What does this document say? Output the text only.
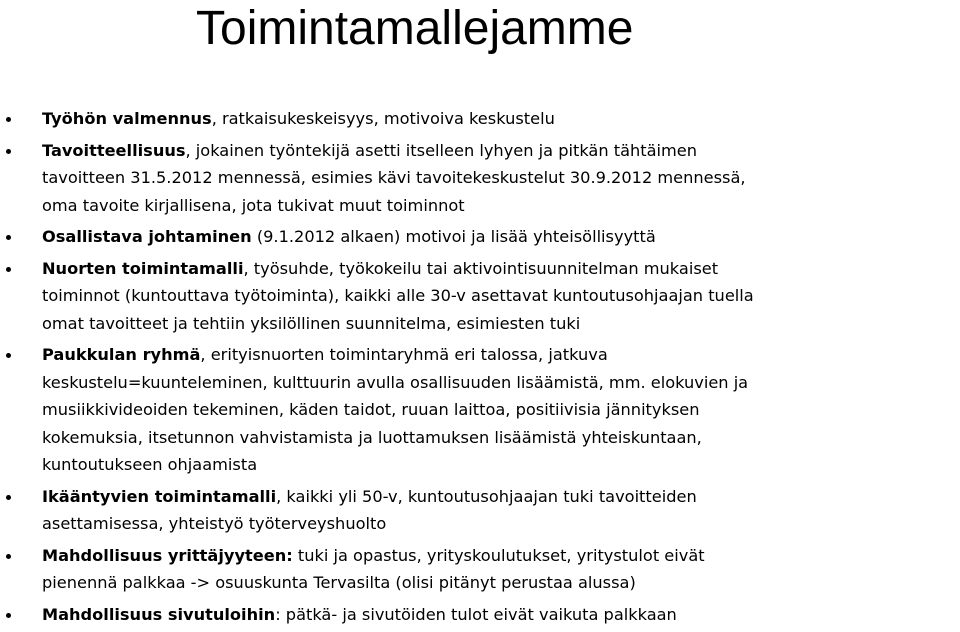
Toimintamallejamme
Työhön valmennus, ratkaisukeskeisyys, motivoiva keskustelu
Tavoitteellisuus, jokainen työntekijä asetti itselleen lyhyen ja pitkän tähtäimen
tavoitteen 31.5.2012 mennessä, esimies kävi tavoitekeskustelut 30.9.2012 mennessä,
oma tavoite kirjallisena, jota tukivat muut toiminnot
Osallistava johtaminen (9.1.2012 alkaen) motivoi ja lisää yhteisöllisyyttä
Nuorten toimintamalli, työsuhde, työkokeilu tai aktivointisuunnitelman mukaiset
toiminnot (kuntouttava työtoiminta), kaikki alle 30-v asettavat kuntoutusohjaajan tuella
omat tavoitteet ja tehtiin yksilöllinen suunnitelma, esimiesten tuki
Paukkulan ryhmä, erityisnuorten toimintaryhmä eri talossa, jatkuva
keskustelu=kuunteleminen, kulttuurin avulla osallisuuden lisäämistä, mm. elokuvien ja
musiikkivideoiden tekeminen, käden taidot, ruuan laittoa, positiivisia jännityksen
kokemuksia, itsetunnon vahvistamista ja luottamuksen lisäämistä yhteiskuntaan,
kuntoutukseen ohjaamista
Ikääntyvien toimintamalli, kaikki yli 50-v, kuntoutusohjaajan tuki tavoitteiden
asettamisessa, yhteistyö työterveyshuolto
Mahdollisuus yrittäjyyteen: tuki ja opastus, yrityskoulutukset, yritystulot eivät
pienennä palkkaa -> osuuskunta Tervasilta (olisi pitänyt perustaa alussa)
Mahdollisuus sivutuloihin: pätkä- ja sivutöiden tulot eivät vaikuta palkkaan
